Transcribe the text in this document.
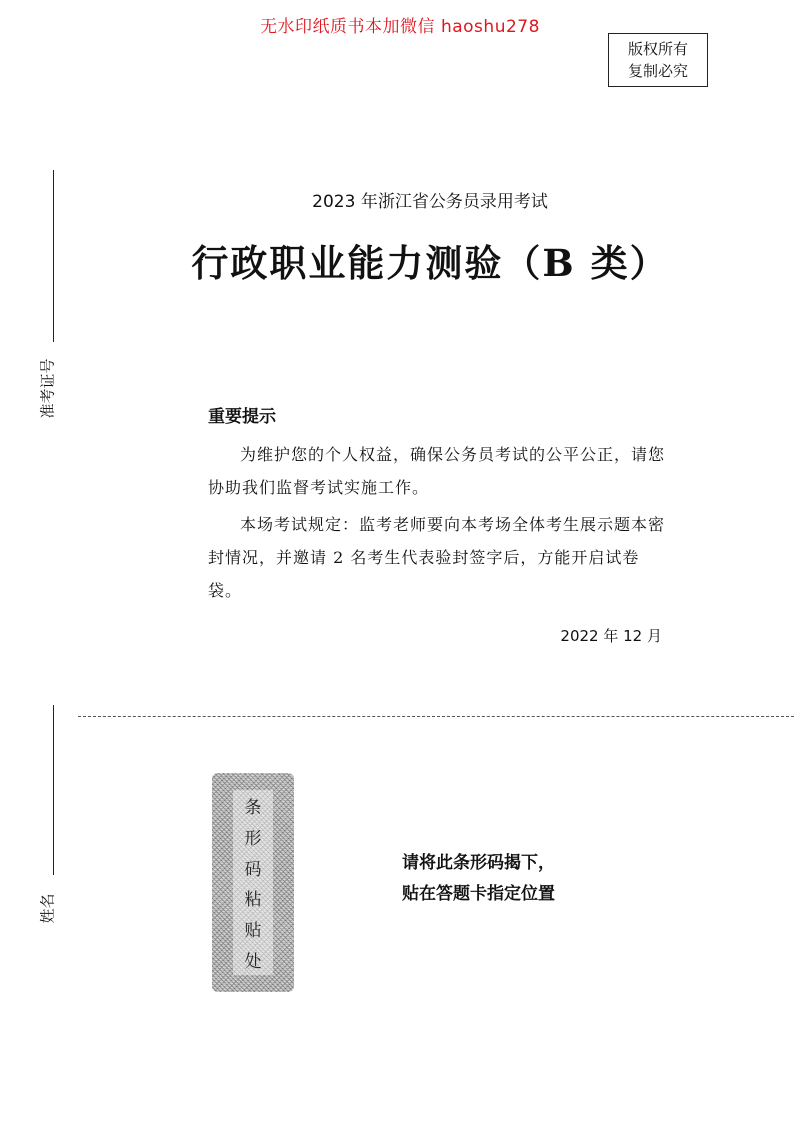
无水印纸质书本加微信 haoshu278
版权所有
复制必究
准考证号
姓名
2023 年浙江省公务员录用考试
行政职业能力测验（B 类）
重要提示
为维护您的个人权益，确保公务员考试的公平公正，请您协助我们监督考试实施工作。
本场考试规定：监考老师要向本考场全体考生展示题本密封情况，并邀请 2 名考生代表验封签字后，方能开启试卷袋。
2022 年 12 月
条
形
码
粘
贴
处
请将此条形码揭下，
贴在答题卡指定位置
